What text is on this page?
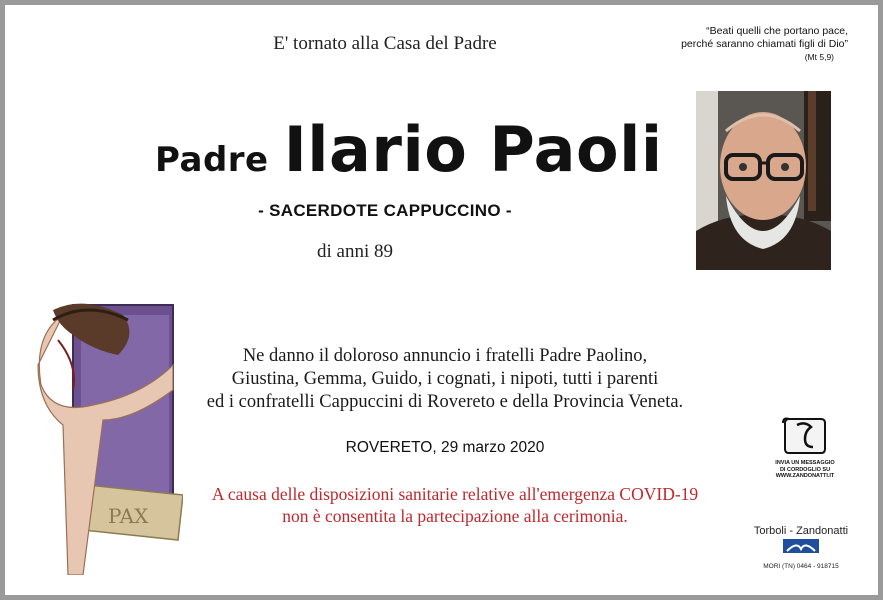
E' tornato alla Casa del Padre
“Beati quelli che portano pace,
perché saranno chiamati figli di Dio”
(Mt 5,9)
Padre Ilario Paoli
- SACERDOTE CAPPUCCINO -
di anni 89
PAX
Ne danno il doloroso annuncio i fratelli Padre Paolino,
Giustina, Gemma, Guido, i cognati, i nipoti, tutti i parenti
ed i confratelli Cappuccini di Rovereto e della Provincia Veneta.
ROVERETO, 29 marzo 2020
A causa delle disposizioni sanitarie relative all'emergenza COVID-19
non è consentita la partecipazione alla cerimonia.
INVIA UN MESSAGGIO
DI CORDOGLIO SU
WWW.ZANDONATTI.IT
Torboli - Zandonatti
MORI (TN) 0464 - 918715
